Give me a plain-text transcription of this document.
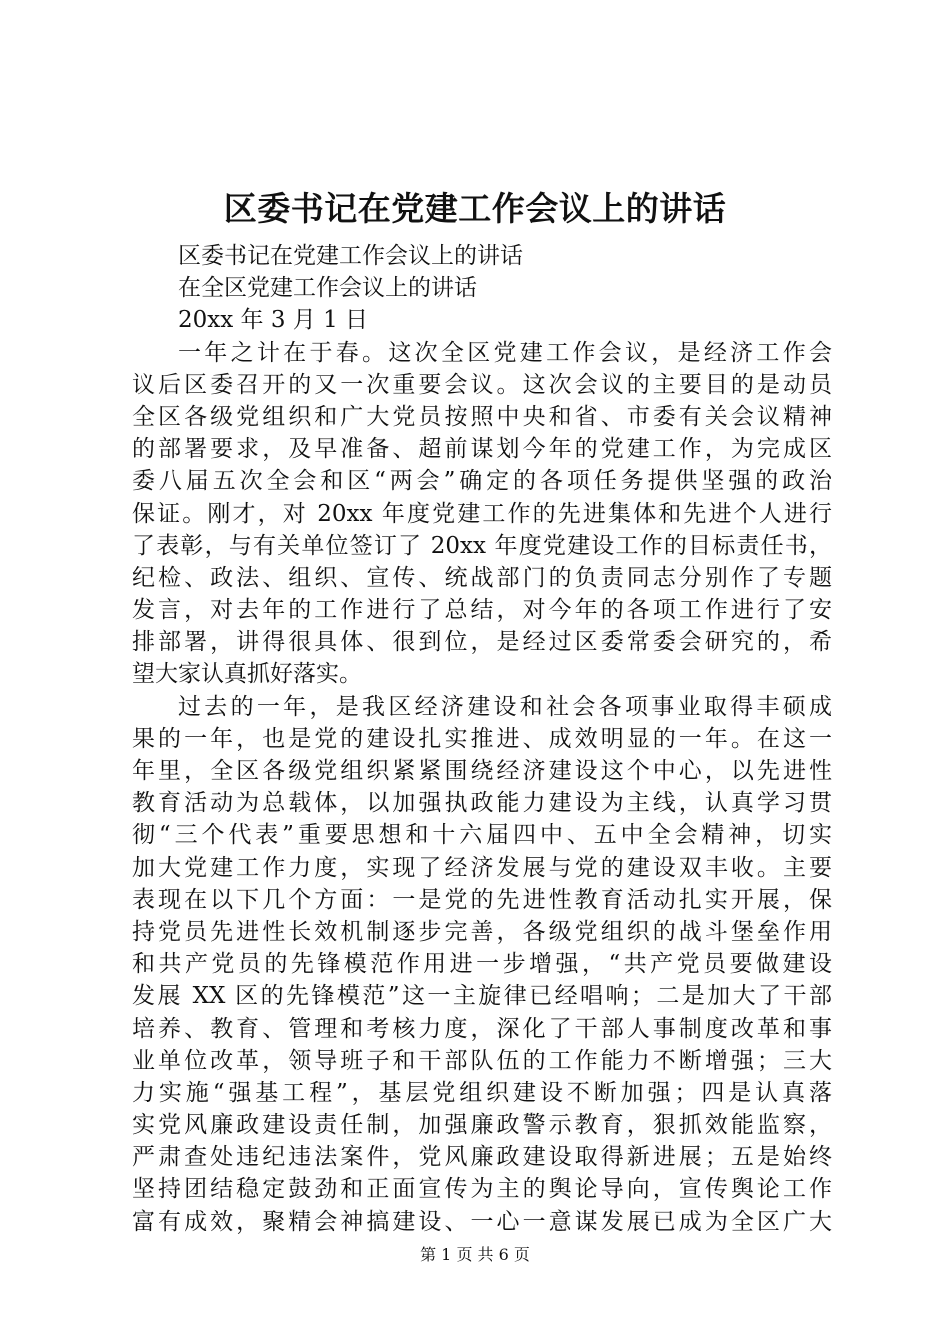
区委书记在党建工作会议上的讲话
区委书记在党建工作会议上的讲话
在全区党建工作会议上的讲话
20xx 年 3 月 1 日
一年之计在于春。这次全区党建工作会议，是经济工作会
议后区委召开的又一次重要会议。这次会议的主要目的是动员
全区各级党组织和广大党员按照中央和省、市委有关会议精神
的部署要求，及早准备、超前谋划今年的党建工作，为完成区
委八届五次全会和区“两会”确定的各项任务提供坚强的政治
保证。刚才，对 20xx 年度党建工作的先进集体和先进个人进行
了表彰，与有关单位签订了 20xx 年度党建设工作的目标责任书，
纪检、政法、组织、宣传、统战部门的负责同志分别作了专题
发言，对去年的工作进行了总结，对今年的各项工作进行了安
排部署，讲得很具体、很到位，是经过区委常委会研究的，希
望大家认真抓好落实。
过去的一年，是我区经济建设和社会各项事业取得丰硕成
果的一年，也是党的建设扎实推进、成效明显的一年。在这一
年里，全区各级党组织紧紧围绕经济建设这个中心，以先进性
教育活动为总载体，以加强执政能力建设为主线，认真学习贯
彻“三个代表”重要思想和十六届四中、五中全会精神，切实
加大党建工作力度，实现了经济发展与党的建设双丰收。主要
表现在以下几个方面：一是党的先进性教育活动扎实开展，保
持党员先进性长效机制逐步完善，各级党组织的战斗堡垒作用
和共产党员的先锋模范作用进一步增强，“共产党员要做建设
发展 XX 区的先锋模范”这一主旋律已经唱响；二是加大了干部
培养、教育、管理和考核力度，深化了干部人事制度改革和事
业单位改革，领导班子和干部队伍的工作能力不断增强；三大
力实施“强基工程”，基层党组织建设不断加强；四是认真落
实党风廉政建设责任制，加强廉政警示教育，狠抓效能监察，
严肃查处违纪违法案件，党风廉政建设取得新进展；五是始终
坚持团结稳定鼓劲和正面宣传为主的舆论导向，宣传舆论工作
富有成效，聚精会神搞建设、一心一意谋发展已成为全区广大
第 1 页 共 6 页
